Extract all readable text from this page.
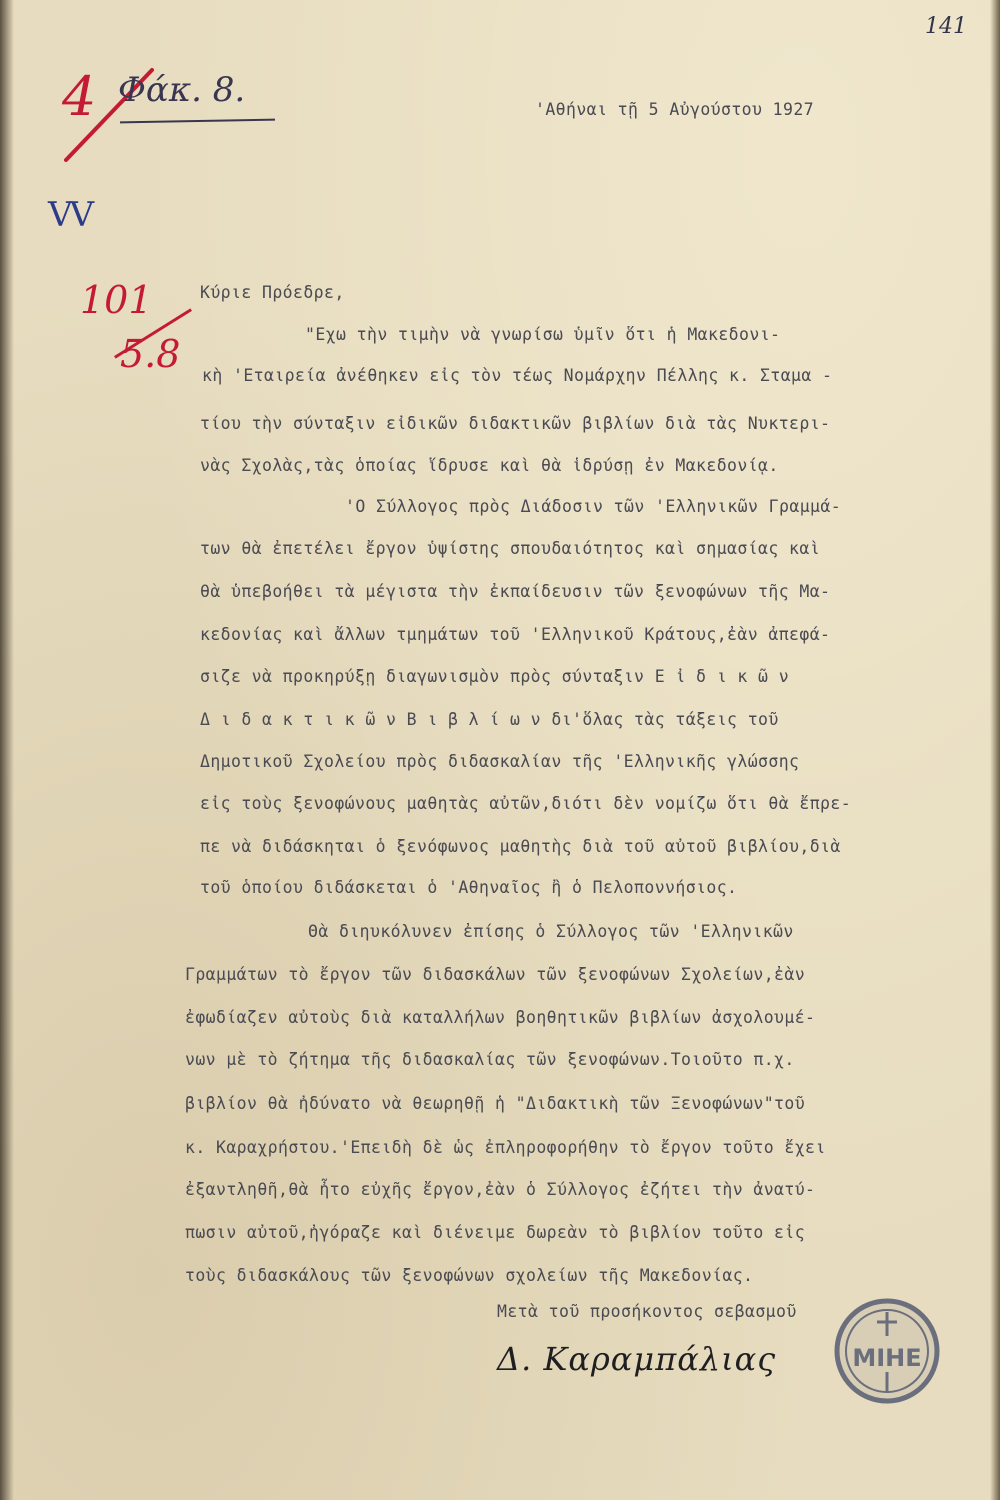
141
4 Φάκ. 8.
VV
101
5.8
'Αθήναι τῇ 5 Αὐγούστου 1927
Κύριε Πρόεδρε,
"Εχω τὴν τιμὴν νὰ γνωρίσω ὑμῖν ὅτι ἡ Μακεδονι-
κὴ 'Εταιρεία ἀνέθηκεν εἰς τὸν τέως Νομάρχην Πέλλης κ. Σταμα -
τίου τὴν σύνταξιν εἰδικῶν διδακτικῶν βιβλίων διὰ τὰς Νυκτερι-
νὰς Σχολὰς,τὰς ὁποίας ἵδρυσε καὶ θὰ ἱδρύσῃ ἐν Μακεδονίᾳ.
'Ο Σύλλογος πρὸς Διάδοσιν τῶν 'Ελληνικῶν Γραμμά-
των θὰ ἐπετέλει ἔργον ὑψίστης σπουδαιότητος καὶ σημασίας καὶ
θὰ ὑπεβοήθει τὰ μέγιστα τὴν ἐκπαίδευσιν τῶν ξενοφώνων τῆς Μα-
κεδονίας καὶ ἄλλων τμημάτων τοῦ 'Ελληνικοῦ Κράτους,ἐὰν ἀπεφά-
σιζε νὰ προκηρύξῃ διαγωνισμὸν πρὸς σύνταξιν Ε ἰ δ ι κ ῶ ν
Δ ι δ α κ τ ι κ ῶ ν Β ι β λ ί ω ν δι'ὅλας τὰς τάξεις τοῦ
Δημοτικοῦ Σχολείου πρὸς διδασκαλίαν τῆς 'Ελληνικῆς γλώσσης
εἰς τοὺς ξενοφώνους μαθητὰς αὐτῶν,διότι δὲν νομίζω ὅτι θὰ ἔπρε-
πε νὰ διδάσκηται ὁ ξενόφωνος μαθητὴς διὰ τοῦ αὐτοῦ βιβλίου,διὰ
τοῦ ὁποίου διδάσκεται ὁ 'Αθηναῖος ἢ ὁ Πελοποννήσιος.
Θὰ διηυκόλυνεν ἐπίσης ὁ Σύλλογος τῶν 'Ελληνικῶν
Γραμμάτων τὸ ἔργον τῶν διδασκάλων τῶν ξενοφώνων Σχολείων,ἐὰν
ἐφωδίαζεν αὐτοὺς διὰ καταλλήλων βοηθητικῶν βιβλίων ἀσχολουμέ-
νων μὲ τὸ ζήτημα τῆς διδασκαλίας τῶν ξενοφώνων.Τοιοῦτο π.χ.
βιβλίον θὰ ἠδύνατο νὰ θεωρηθῇ ἡ "Διδακτικὴ τῶν Ξενοφώνων"τοῦ
κ. Καραχρήστου.'Επειδὴ δὲ ὡς ἐπληροφορήθην τὸ ἔργον τοῦτο ἔχει
ἐξαντληθῆ,θὰ ἦτο εὐχῆς ἔργον,ἐὰν ὁ Σύλλογος ἐζήτει τὴν ἀνατύ-
πωσιν αὐτοῦ,ἠγόραζε καὶ διένειμε δωρεὰν τὸ βιβλίον τοῦτο εἰς
τοὺς διδασκάλους τῶν ξενοφώνων σχολείων τῆς Μακεδονίας.
Μετὰ τοῦ προσήκοντος σεβασμοῦ
Δ. Καραμπάλιας	ΜΙΗΕ
